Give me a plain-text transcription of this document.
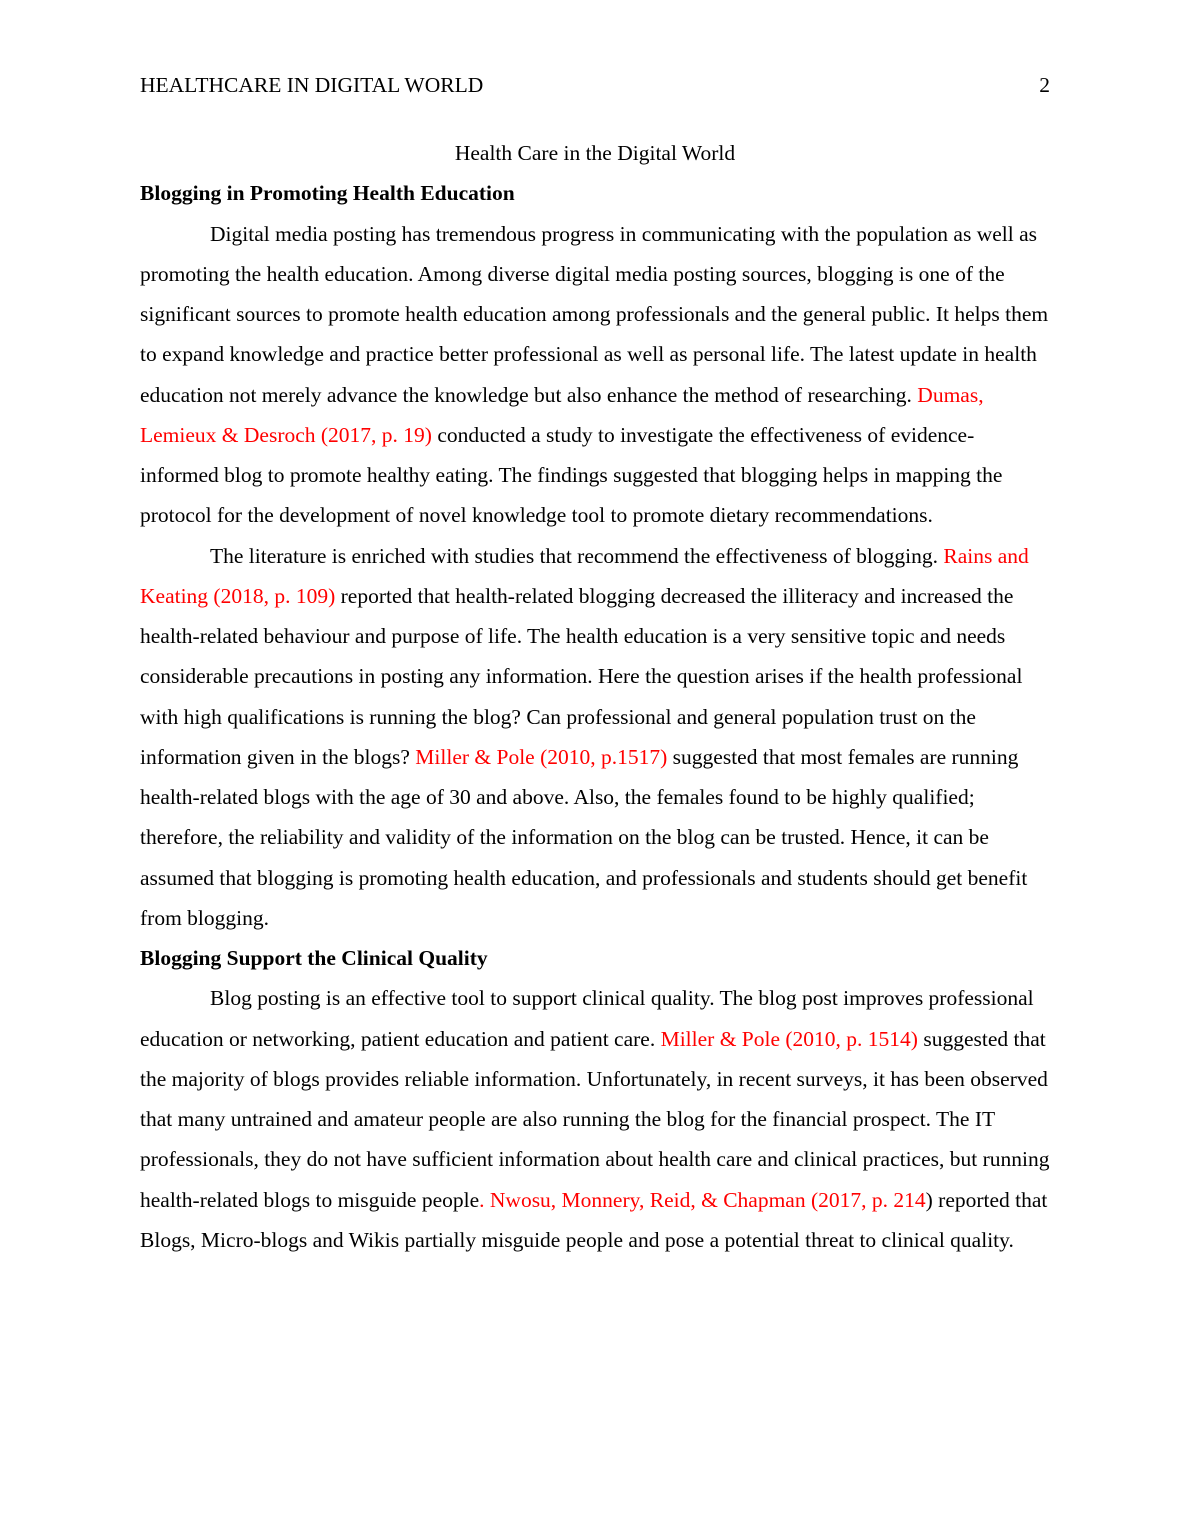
HEALTHCARE IN DIGITAL WORLD	2

Health Care in the Digital World

Blogging in Promoting Health Education

Digital media posting has tremendous progress in communicating with the population as well as promoting the health education. Among diverse digital media posting sources, blogging is one of the significant sources to promote health education among professionals and the general public. It helps them to expand knowledge and practice better professional as well as personal life. The latest update in health education not merely advance the knowledge but also enhance the method of researching. Dumas, Lemieux & Desroch (2017, p. 19) conducted a study to investigate the effectiveness of evidence-informed blog to promote healthy eating. The findings suggested that blogging helps in mapping the protocol for the development of novel knowledge tool to promote dietary recommendations.

The literature is enriched with studies that recommend the effectiveness of blogging. Rains and Keating (2018, p. 109) reported that health-related blogging decreased the illiteracy and increased the health-related behaviour and purpose of life. The health education is a very sensitive topic and needs considerable precautions in posting any information. Here the question arises if the health professional with high qualifications is running the blog? Can professional and general population trust on the information given in the blogs? Miller & Pole (2010, p.1517) suggested that most females are running health-related blogs with the age of 30 and above. Also, the females found to be highly qualified; therefore, the reliability and validity of the information on the blog can be trusted. Hence, it can be assumed that blogging is promoting health education, and professionals and students should get benefit from blogging.

Blogging Support the Clinical Quality

Blog posting is an effective tool to support clinical quality. The blog post improves professional education or networking, patient education and patient care. Miller & Pole (2010, p. 1514) suggested that the majority of blogs provides reliable information. Unfortunately, in recent surveys, it has been observed that many untrained and amateur people are also running the blog for the financial prospect. The IT professionals, they do not have sufficient information about health care and clinical practices, but running health-related blogs to misguide people. Nwosu, Monnery, Reid, & Chapman (2017, p. 214) reported that Blogs, Micro-blogs and Wikis partially misguide people and pose a potential threat to clinical quality.
